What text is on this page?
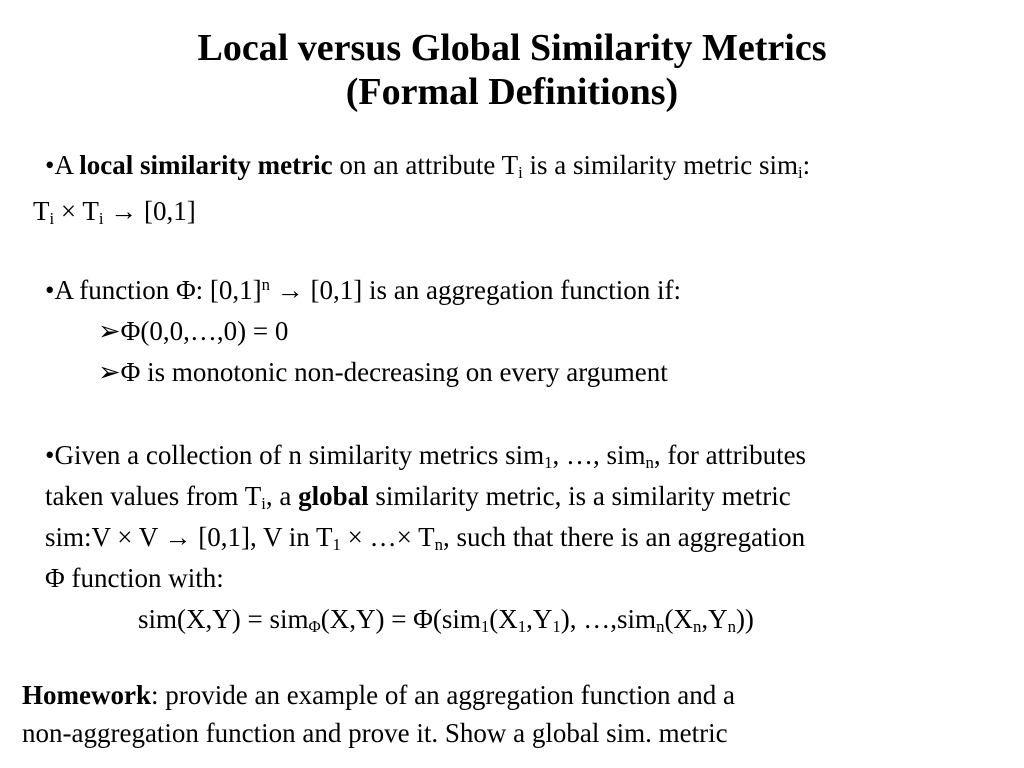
Local versus Global Similarity Metrics
(Formal Definitions)
•A local similarity metric on an attribute $T_i$ is a similarity metric sim$_i$:
$T_i \times T_i \to [0,1]$
•A function Φ: $[0,1]^n \to [0,1]$ is an aggregation function if:
➢Φ(0,0,…,0) = 0
➢Φ is monotonic non-decreasing on every argument
•Given a collection of n similarity metrics sim$_1$, …, sim$_n$, for attributes
taken values from $T_i$, a global similarity metric, is a similarity metric
sim:V × V → [0,1], V in $T_1$ × …× $T_n$, such that there is an aggregation
Φ function with:
$sim(X,Y) = sim_\Phi(X,Y) = \Phi(sim_1(X_1,Y_1)$, $\dots,sim_n(X_n,Y_n)$)
Homework: provide an example of an aggregation function and a
non-aggregation function and prove it. Show a global sim. metric
